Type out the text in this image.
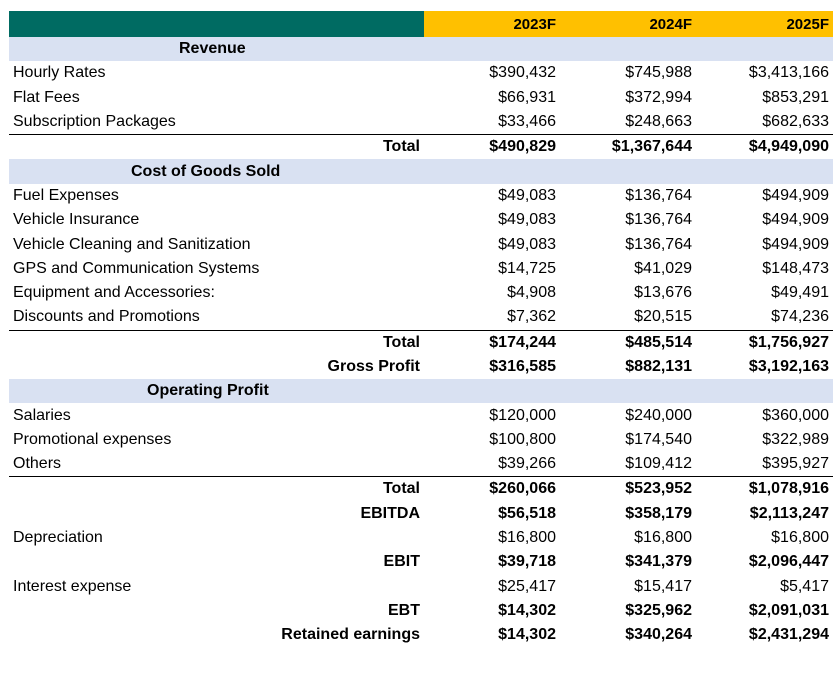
	2023F	2024F	2025F
Revenue			
Hourly Rates	$390,432	$745,988	$3,413,166
Flat Fees	$66,931	$372,994	$853,291
Subscription Packages	$33,466	$248,663	$682,633
Total	$490,829	$1,367,644	$4,949,090
Cost of Goods Sold			
Fuel Expenses	$49,083	$136,764	$494,909
Vehicle Insurance	$49,083	$136,764	$494,909
Vehicle Cleaning and Sanitization	$49,083	$136,764	$494,909
GPS and Communication Systems	$14,725	$41,029	$148,473
Equipment and Accessories:	$4,908	$13,676	$49,491
Discounts and Promotions	$7,362	$20,515	$74,236
Total	$174,244	$485,514	$1,756,927
Gross Profit	$316,585	$882,131	$3,192,163
Operating Profit			
Salaries	$120,000	$240,000	$360,000
Promotional expenses	$100,800	$174,540	$322,989
Others	$39,266	$109,412	$395,927
Total	$260,066	$523,952	$1,078,916
EBITDA	$56,518	$358,179	$2,113,247
Depreciation	$16,800	$16,800	$16,800
EBIT	$39,718	$341,379	$2,096,447
Interest expense	$25,417	$15,417	$5,417
EBT	$14,302	$325,962	$2,091,031
Retained earnings	$14,302	$340,264	$2,431,294
